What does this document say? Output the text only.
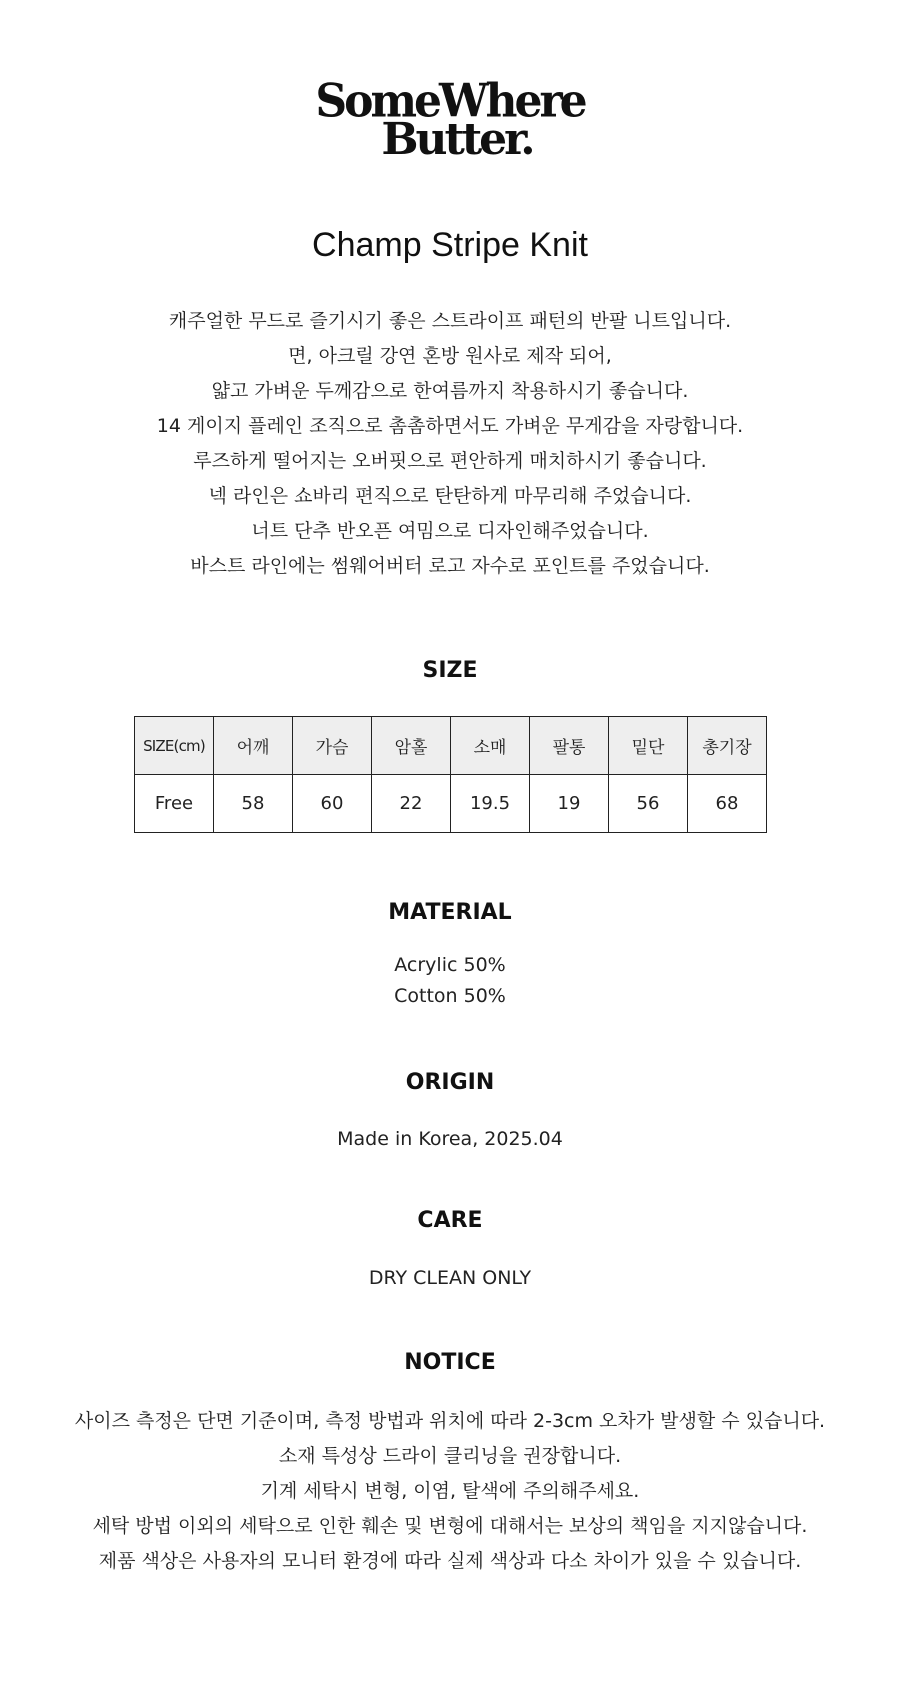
SomeWhere
Butter.
Champ Stripe Knit
캐주얼한 무드로 즐기시기 좋은 스트라이프 패턴의 반팔 니트입니다.
면, 아크릴 강연 혼방 원사로 제작 되어,
얇고 가벼운 두께감으로 한여름까지 착용하시기 좋습니다.
14 게이지 플레인 조직으로 촘촘하면서도 가벼운 무게감을 자랑합니다.
루즈하게 떨어지는 오버핏으로 편안하게 매치하시기 좋습니다.
넥 라인은 쇼바리 편직으로 탄탄하게 마무리해 주었습니다.
너트 단추 반오픈 여밈으로 디자인해주었습니다.
바스트 라인에는 썸웨어버터 로고 자수로 포인트를 주었습니다.
SIZE
SIZE(cm)	어깨	가슴	암홀	소매	팔통	밑단	총기장
Free	58	60	22	19.5	19	56	68
MATERIAL
Acrylic 50%
Cotton 50%
ORIGIN
Made in Korea, 2025.04
CARE
DRY CLEAN ONLY
NOTICE
사이즈 측정은 단면 기준이며, 측정 방법과 위치에 따라 2-3cm 오차가 발생할 수 있습니다.
소재 특성상 드라이 클리닝을 권장합니다.
기계 세탁시 변형, 이염, 탈색에 주의해주세요.
세탁 방법 이외의 세탁으로 인한 훼손 및 변형에 대해서는 보상의 책임을 지지않습니다.
제품 색상은 사용자의 모니터 환경에 따라 실제 색상과 다소 차이가 있을 수 있습니다.
